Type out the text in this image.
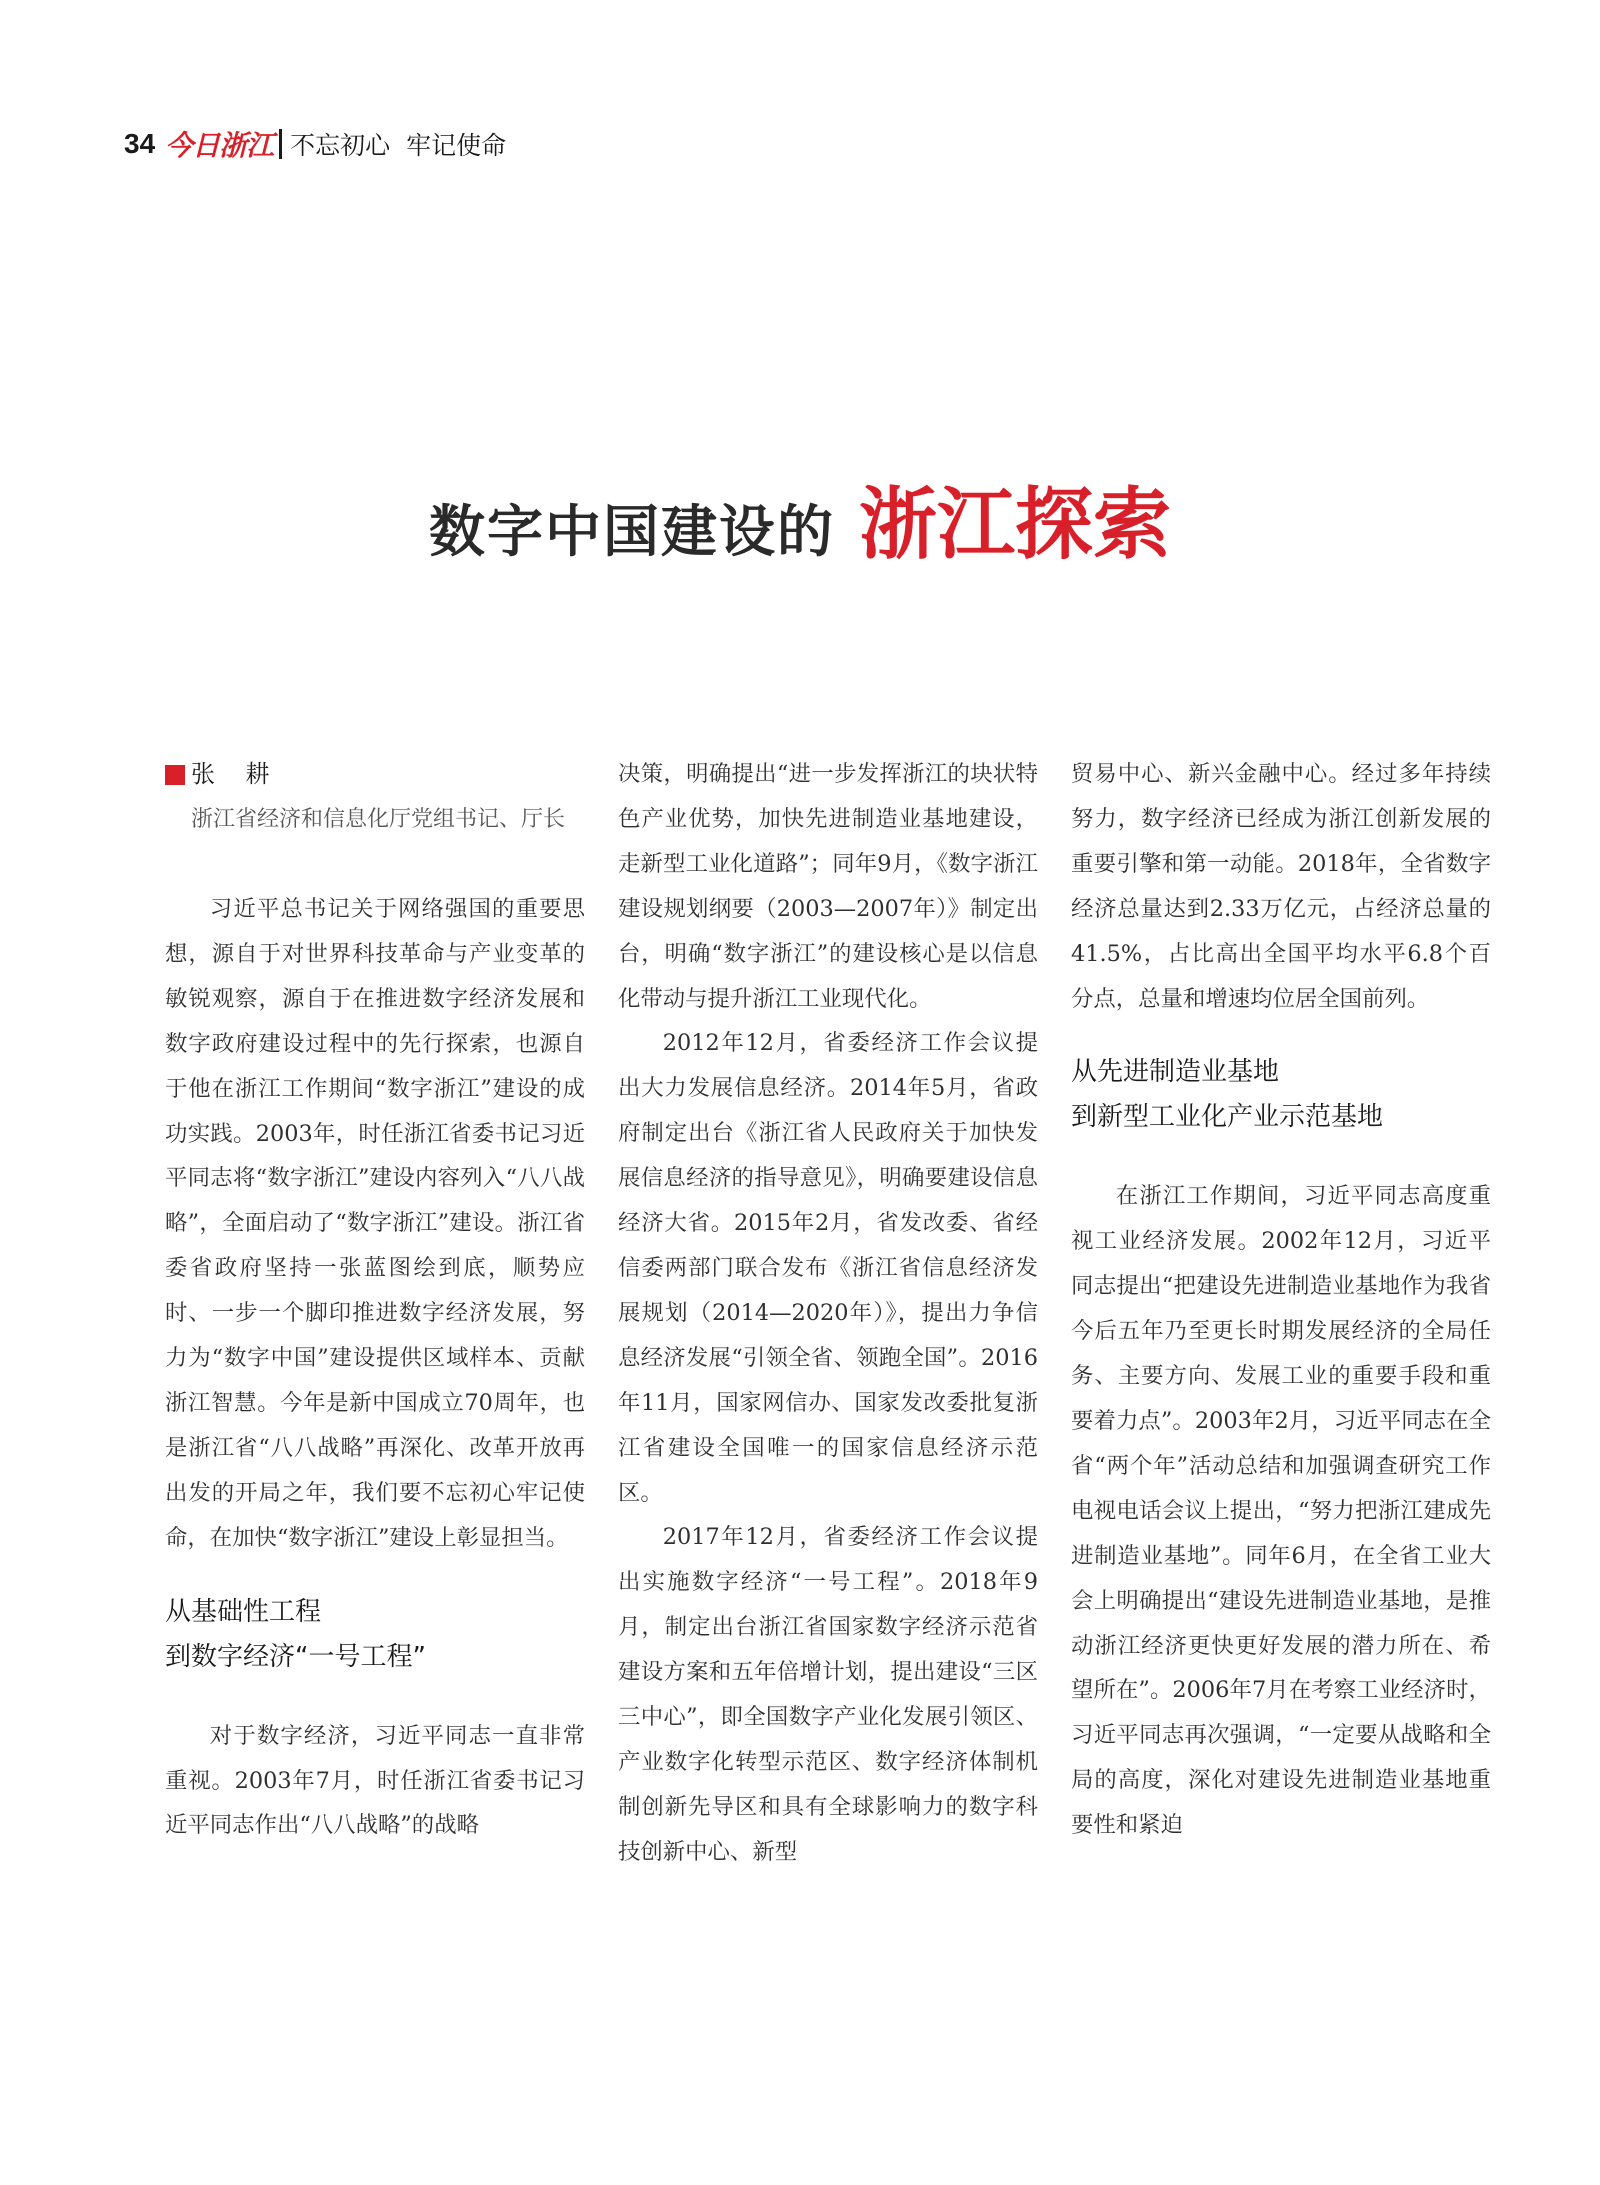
34 今日浙江 不忘初心  牢记使命
数字中国建设的 浙江探索
张    耕
浙江省经济和信息化厅党组书记、厅长

习近平总书记关于网络强国的重要思想，源自于对世界科技革命与产业变革的敏锐观察，源自于在推进数字经济发展和数字政府建设过程中的先行探索，也源自于他在浙江工作期间“数字浙江”建设的成功实践。2003年，时任浙江省委书记习近平同志将“数字浙江”建设内容列入“八八战略”，全面启动了“数字浙江”建设。浙江省委省政府坚持一张蓝图绘到底，顺势应时、一步一个脚印推进数字经济发展，努力为“数字中国”建设提供区域样本、贡献浙江智慧。今年是新中国成立70周年，也是浙江省“八八战略”再深化、改革开放再出发的开局之年，我们要不忘初心牢记使命，在加快“数字浙江”建设上彰显担当。

从基础性工程
到数字经济“一号工程”

对于数字经济，习近平同志一直非常重视。2003年7月，时任浙江省委书记习近平同志作出“八八战略”的战略

决策，明确提出“进一步发挥浙江的块状特色产业优势，加快先进制造业基地建设，走新型工业化道路”；同年9月，《数字浙江建设规划纲要（2003—2007年）》制定出台，明确“数字浙江”的建设核心是以信息化带动与提升浙江工业现代化。

2012年12月，省委经济工作会议提出大力发展信息经济。2014年5月，省政府制定出台《浙江省人民政府关于加快发展信息经济的指导意见》，明确要建设信息经济大省。2015年2月，省发改委、省经信委两部门联合发布《浙江省信息经济发展规划（2014—2020年）》，提出力争信息经济发展“引领全省、领跑全国”。2016年11月，国家网信办、国家发改委批复浙江省建设全国唯一的国家信息经济示范区。

2017年12月，省委经济工作会议提出实施数字经济“一号工程”。2018年9月，制定出台浙江省国家数字经济示范省建设方案和五年倍增计划，提出建设“三区三中心”，即全国数字产业化发展引领区、产业数字化转型示范区、数字经济体制机制创新先导区和具有全球影响力的数字科技创新中心、新型

贸易中心、新兴金融中心。经过多年持续努力，数字经济已经成为浙江创新发展的重要引擎和第一动能。2018年，全省数字经济总量达到2.33万亿元，占经济总量的41.5%，占比高出全国平均水平6.8个百分点，总量和增速均位居全国前列。

从先进制造业基地
到新型工业化产业示范基地

在浙江工作期间，习近平同志高度重视工业经济发展。2002年12月，习近平同志提出“把建设先进制造业基地作为我省今后五年乃至更长时期发展经济的全局任务、主要方向、发展工业的重要手段和重要着力点”。2003年2月，习近平同志在全省“两个年”活动总结和加强调查研究工作电视电话会议上提出，“努力把浙江建成先进制造业基地”。同年6月，在全省工业大会上明确提出“建设先进制造业基地，是推动浙江经济更快更好发展的潜力所在、希望所在”。2006年7月在考察工业经济时，习近平同志再次强调，“一定要从战略和全局的高度，深化对建设先进制造业基地重要性和紧迫
